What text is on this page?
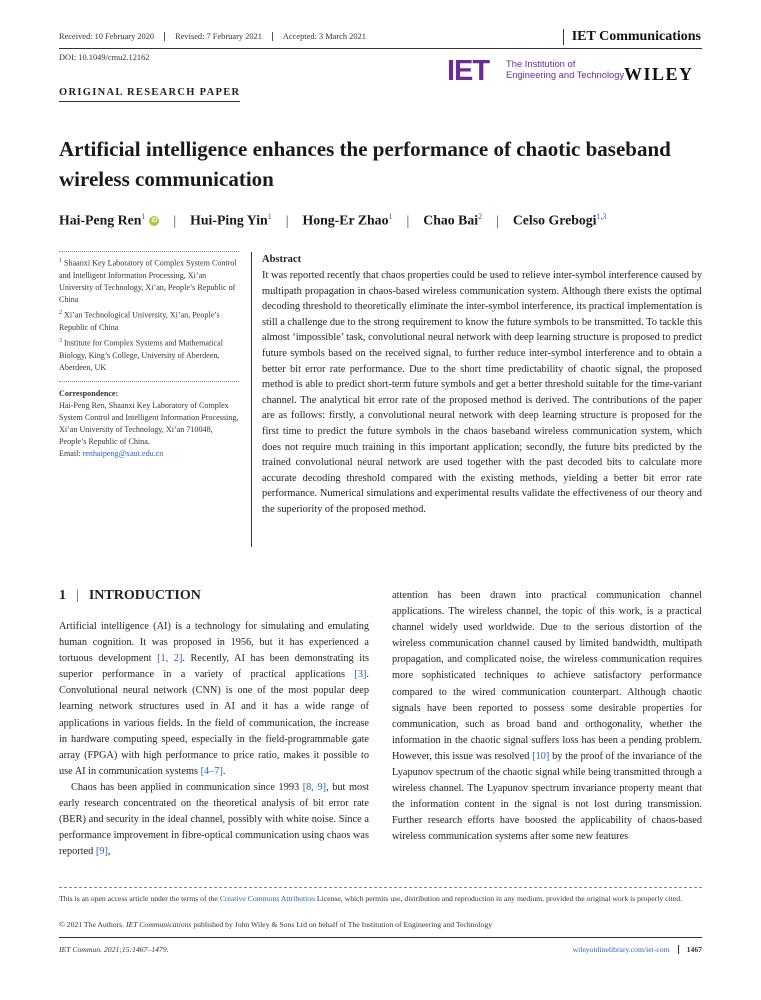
Received: 10 February 2020	Revised: 7 February 2021	Accepted: 3 March 2021	IET Communications
DOI: 10.1049/cmu2.12162	IET The Institution of
Engineering and Technology WILEY
ORIGINAL RESEARCH PAPER
Artificial intelligence enhances the performance of chaotic baseband wireless communication
Hai-Peng Ren$^1$iD | Hui-Ping Yin$^1$ | Hong-Er Zhao$^1$ | Chao Bai$^2$ | Celso Grebogi$^{1,3}$
$^1$ Shaanxi Key Laboratory of Complex System Control and Intelligent Information Processing, Xi’an University of Technology, Xi’an, People’s Republic of China
$^2$ Xi’an Technological University, Xi’an, People’s Republic of China
$^3$ Institute for Complex Systems and Mathematical Biology, King’s College, University of Aberdeen, Aberdeen, UK
Correspondence:
Hai-Peng Ren, Shaanxi Key Laboratory of Complex System Control and Intelligent Information Processing, Xi’an University of Technology, Xi’an 710048, People’s Republic of China.
Email: renhaipeng@xaut.edu.cn
Abstract
It was reported recently that chaos properties could be used to relieve inter-symbol interference caused by multipath propagation in chaos-based wireless communication system. Although there exists the optimal decoding threshold to theoretically eliminate the inter-symbol interference, its practical implementation is still a challenge due to the strong requirement to know the future symbols to be transmitted. To tackle this almost ‘impossible’ task, convolutional neural network with deep learning structure is proposed to predict future symbols based on the received signal, to further reduce inter-symbol interference and to obtain a better bit error rate performance. Due to the short time predictability of chaotic signal, the proposed method is able to predict short-term future symbols and get a better threshold suitable for the time-variant channel. The analytical bit error rate of the proposed method is derived. The contributions of the paper are as follows: firstly, a convolutional neural network with deep learning structure is proposed for the first time to predict the future symbols in the chaos baseband wireless communication system, which does not require much training in this important application; secondly, the future bits predicted by the trained convolutional neural network are used together with the past decoded bits to calculate more accurate decoding threshold compared with the existing methods, yielding a better bit error rate performance. Numerical simulations and experimental results validate the effectiveness of our theory and the superiority of the proposed method.
1 | INTRODUCTION

Artificial intelligence (AI) is a technology for simulating and emulating human cognition. It was proposed in 1956, but it has experienced a tortuous development [1, 2]. Recently, AI has been demonstrating its superior performance in a variety of practical applications [3]. Convolutional neural network (CNN) is one of the most popular deep learning network structures used in AI and it has a wide range of applications in various fields. In the field of communication, the increase in hardware computing speed, especially in the field-programmable gate array (FPGA) with high performance to price ratio, makes it possible to use AI in communication systems [4–7].

Chaos has been applied in communication since 1993 [8, 9], but most early research concentrated on the theoretical analysis of bit error rate (BER) and security in the ideal channel, possibly with white noise. Since a performance improvement in fibre-optical communication using chaos was reported [9],

attention has been drawn into practical communication channel applications. The wireless channel, the topic of this work, is a practical channel widely used worldwide. Due to the serious distortion of the wireless communication channel caused by limited bandwidth, multipath propagation, and complicated noise, the wireless communication requires more sophisticated techniques to achieve satisfactory performance compared to the wired communication counterpart. Although chaotic signals have been reported to possess some desirable properties for communication, such as broad band and orthogonality, whether the information in the chaotic signal suffers loss has been a pending problem. However, this issue was resolved [10] by the proof of the invariance of the Lyapunov spectrum of the chaotic signal while being transmitted through a wireless channel. The Lyapunov spectrum invariance property meant that the information content in the signal is not lost during transmission. Further research efforts have boosted the applicability of chaos-based wireless communication systems after some new features

This is an open access article under the terms of the Creative Commons Attribution License, which permits use, distribution and reproduction in any medium, provided the original work is properly cited.
© 2021 The Authors. IET Communications published by John Wiley & Sons Ltd on behalf of The Institution of Engineering and Technology
IET Commun. 2021;15:1467–1479.	wileyonlinelibrary.com/iet-com	1467
